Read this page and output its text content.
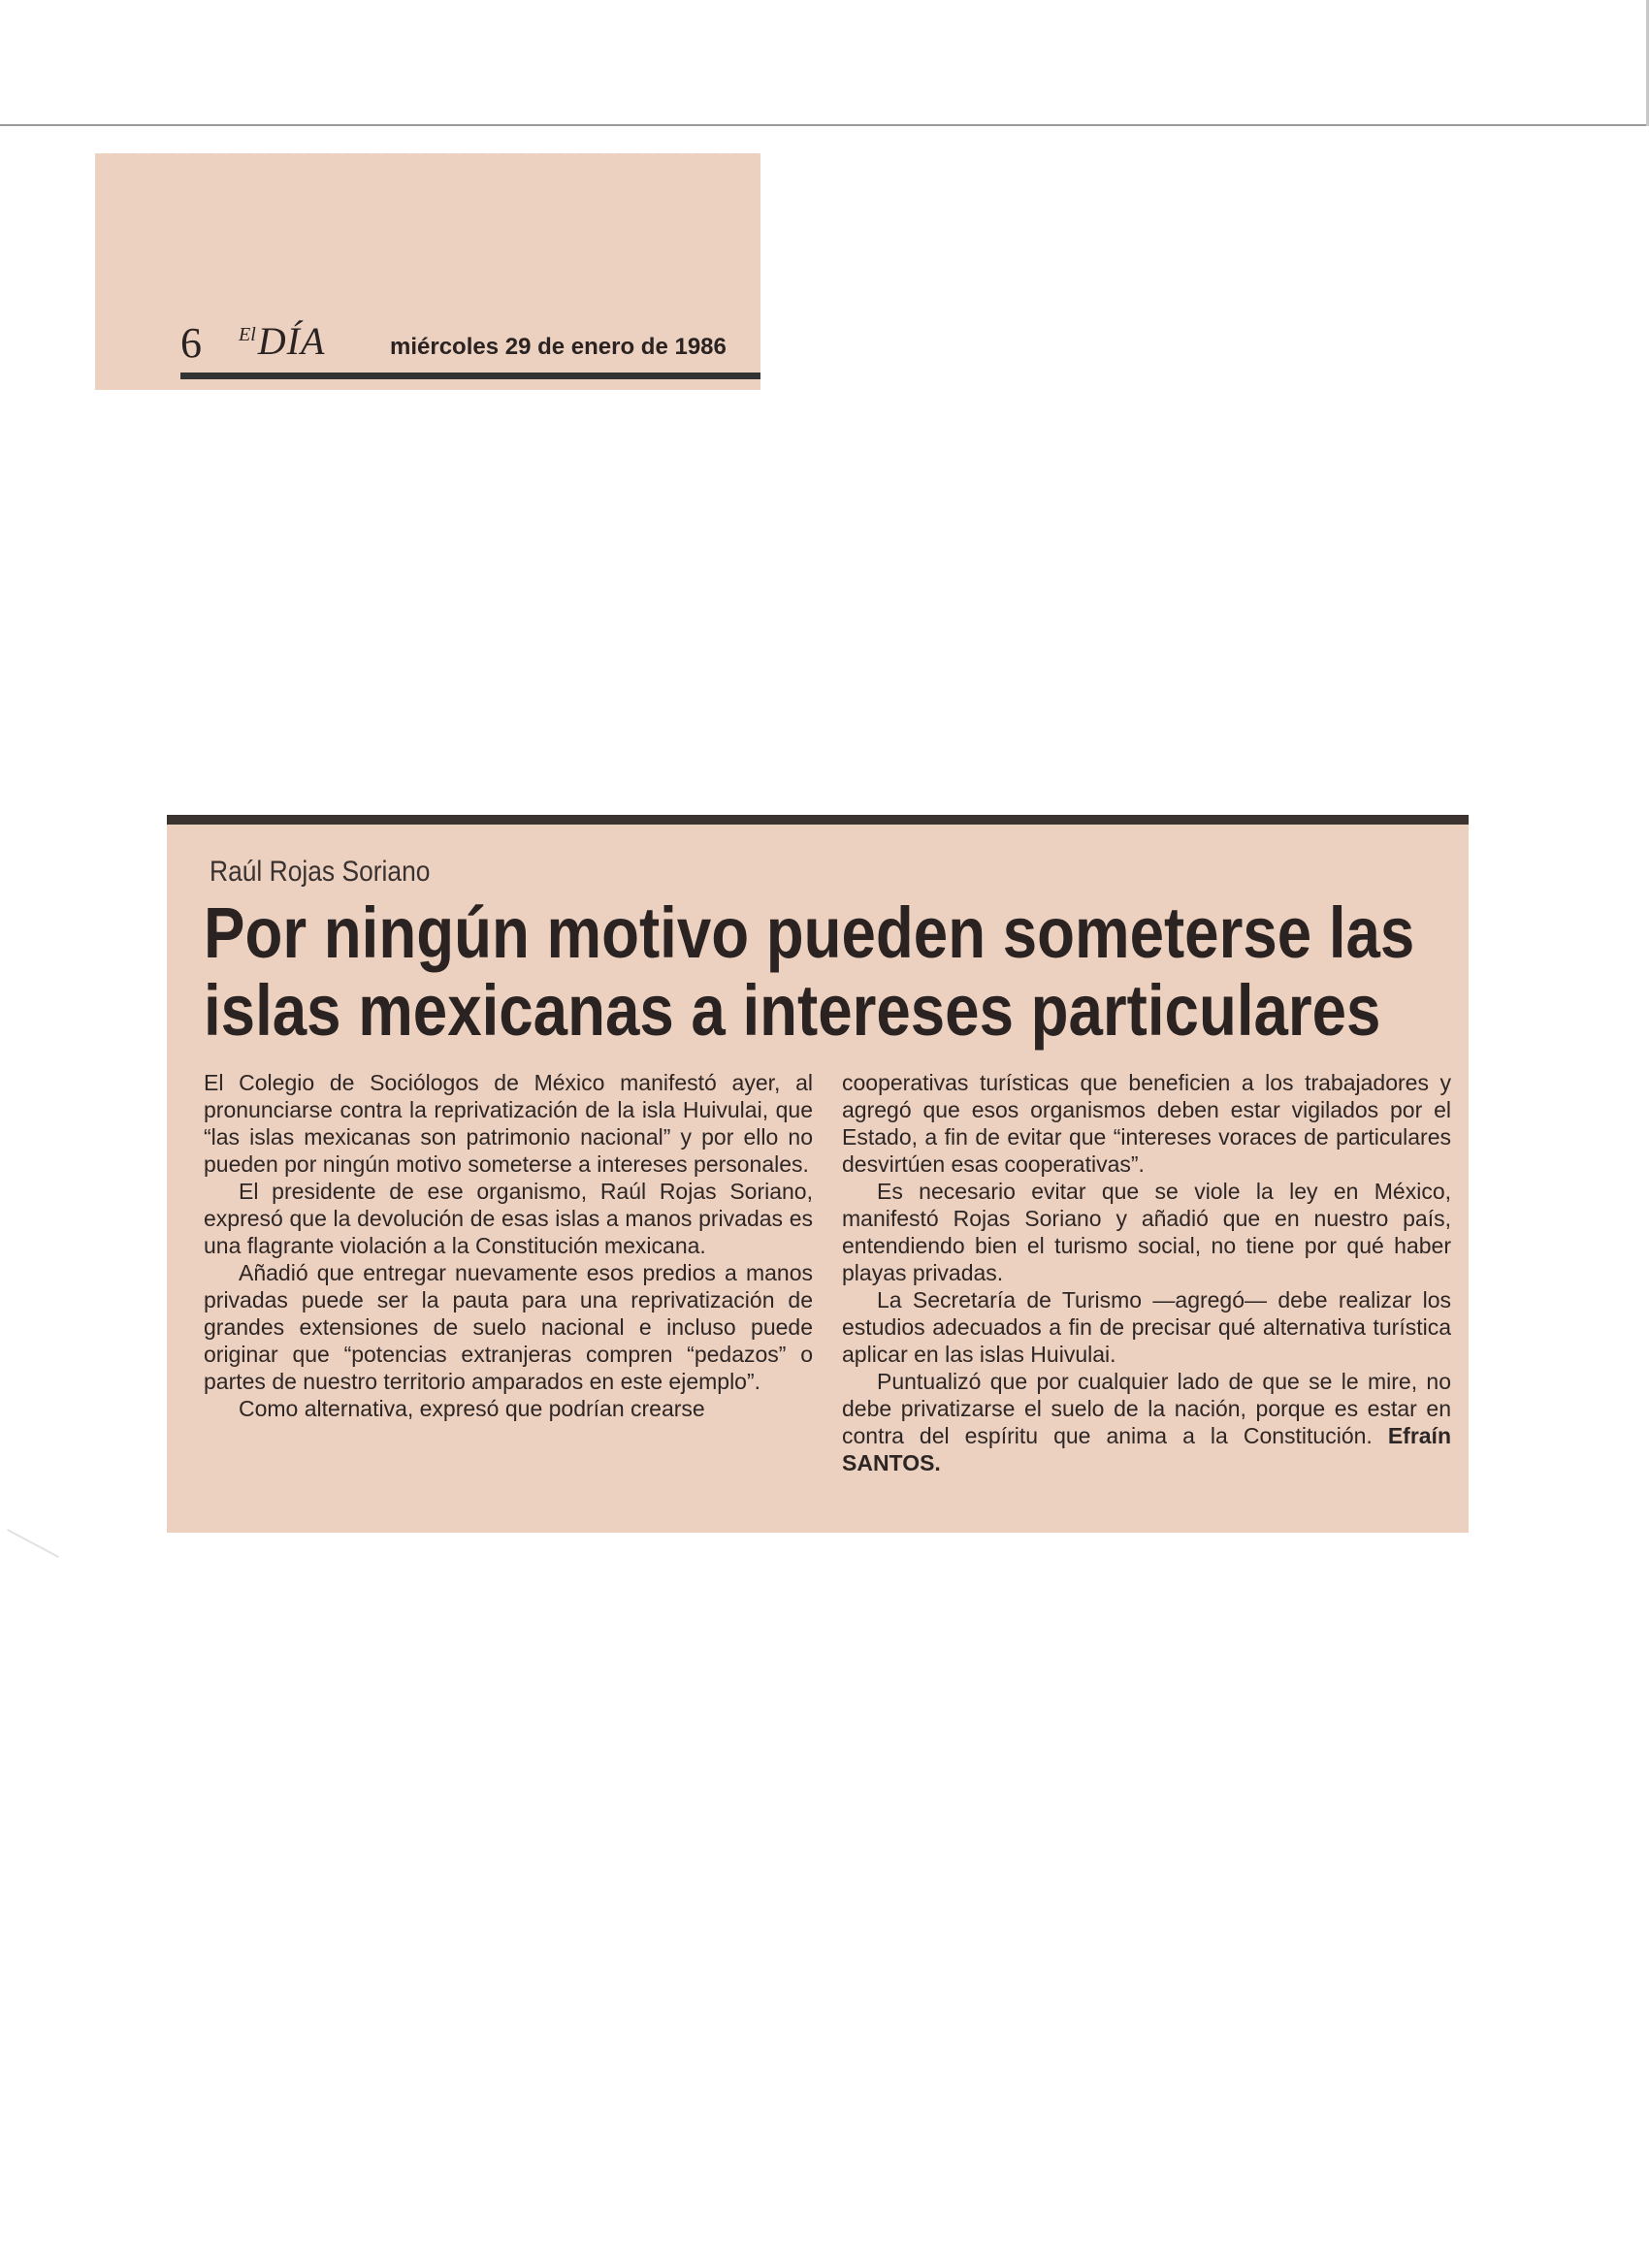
6 $^{El}$DÍA	miércoles 29 de enero de 1986
Raúl Rojas Soriano
Por ningún motivo pueden someterse las
islas mexicanas a intereses particulares

El Colegio de Sociólogos de México manifestó ayer, al pronunciarse contra la reprivatización de la isla Huivulai, que “las islas mexicanas son patrimonio nacional” y por ello no pueden por ningún motivo someterse a intereses personales.

El presidente de ese organismo, Raúl Rojas Soriano, expresó que la devolución de esas islas a manos privadas es una flagrante violación a la Constitución mexicana.

Añadió que entregar nuevamente esos predios a manos privadas puede ser la pauta para una reprivatización de grandes extensiones de suelo nacional e incluso puede originar que “potencias extranjeras compren “pedazos” o partes de nuestro territorio amparados en este ejemplo”.

Como alternativa, expresó que podrían crearse

cooperativas turísticas que beneficien a los trabajadores y agregó que esos organismos deben estar vigilados por el Estado, a fin de evitar que “intereses voraces de particulares desvirtúen esas cooperativas”.

Es necesario evitar que se viole la ley en México, manifestó Rojas Soriano y añadió que en nuestro país, entendiendo bien el turismo social, no tiene por qué haber playas privadas.

La Secretaría de Turismo —agregó— debe realizar los estudios adecuados a fin de precisar qué alternativa turística aplicar en las islas Huivulai.

Puntualizó que por cualquier lado de que se le mire, no debe privatizarse el suelo de la nación, porque es estar en contra del espíritu que anima a la Constitución. Efraín SANTOS.
